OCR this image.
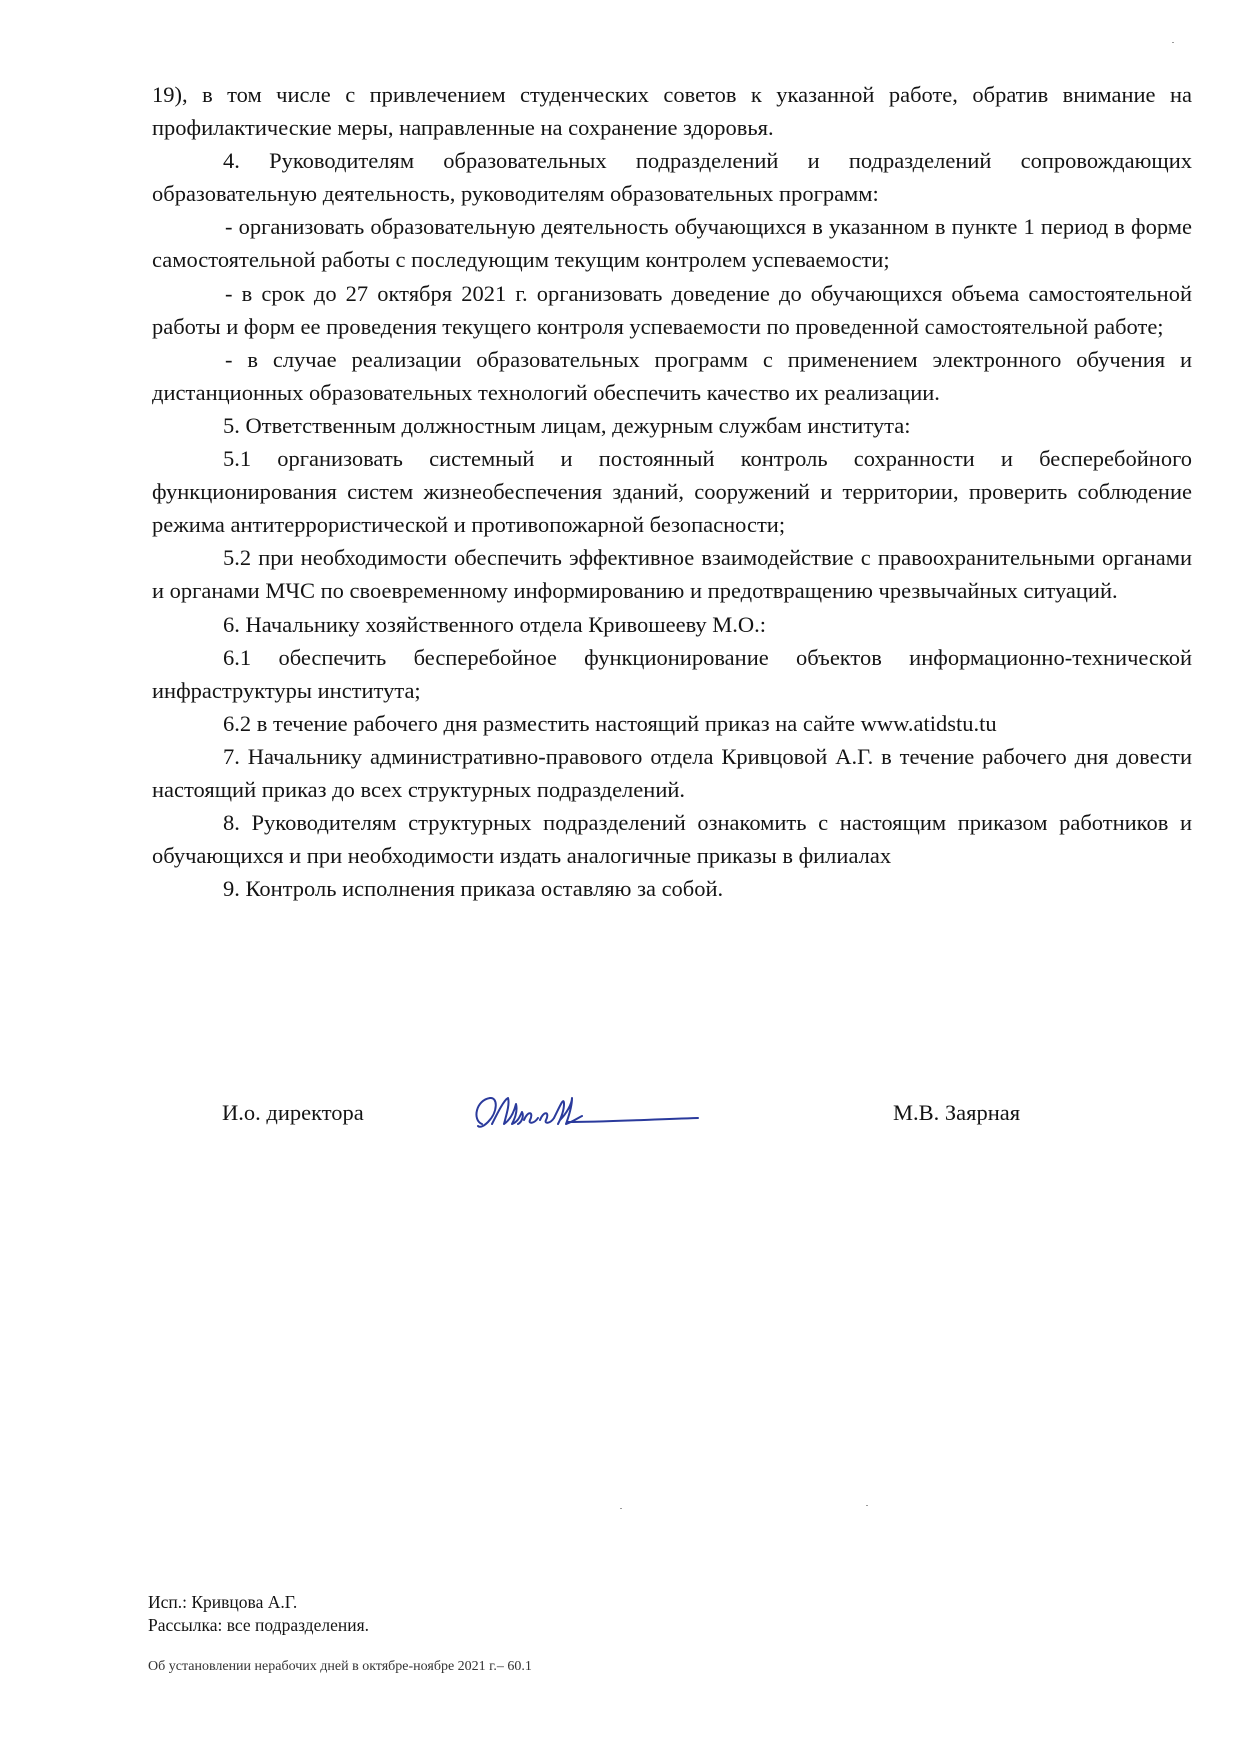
19), в том числе с привлечением студенческих советов к указанной работе, обратив внимание на профилактические меры, направленные на сохранение здоровья.

4. Руководителям образовательных подразделений и подразделений сопровождающих образовательную деятельность, руководителям образовательных программ:

- организовать образовательную деятельность обучающихся в указанном в пункте 1 период в форме самостоятельной работы с последующим текущим контролем успеваемости;

- в срок до 27 октября 2021 г. организовать доведение до обучающихся объема самостоятельной работы и форм ее проведения текущего контроля успеваемости по проведенной самостоятельной работе;

- в случае реализации образовательных программ с применением электронного обучения и дистанционных образовательных технологий обеспечить качество их реализации.

5. Ответственным должностным лицам, дежурным службам института:

5.1 организовать системный и постоянный контроль сохранности и бесперебойного функционирования систем жизнеобеспечения зданий, сооружений и территории, проверить соблюдение режима антитеррористической и противопожарной безопасности;

5.2 при необходимости обеспечить эффективное взаимодействие с правоохранительными органами и органами МЧС по своевременному информированию и предотвращению чрезвычайных ситуаций.

6. Начальнику хозяйственного отдела Кривошееву М.О.:

6.1 обеспечить бесперебойное функционирование объектов информационно-технической инфраструктуры института;

6.2 в течение рабочего дня разместить настоящий приказ на сайте www.atidstu.tu

7. Начальнику административно-правового отдела Кривцовой А.Г. в течение рабочего дня довести настоящий приказ до всех структурных подразделений.

8. Руководителям структурных подразделений ознакомить с настоящим приказом работников и обучающихся и при необходимости издать аналогичные приказы в филиалах

9. Контроль исполнения приказа оставляю за собой.

И.о. директора	М.В. Заярная
Исп.: Кривцова А.Г.
Рассылка: все подразделения.
Об установлении нерабочих дней в октябре-ноябре 2021 г.– 60.1
